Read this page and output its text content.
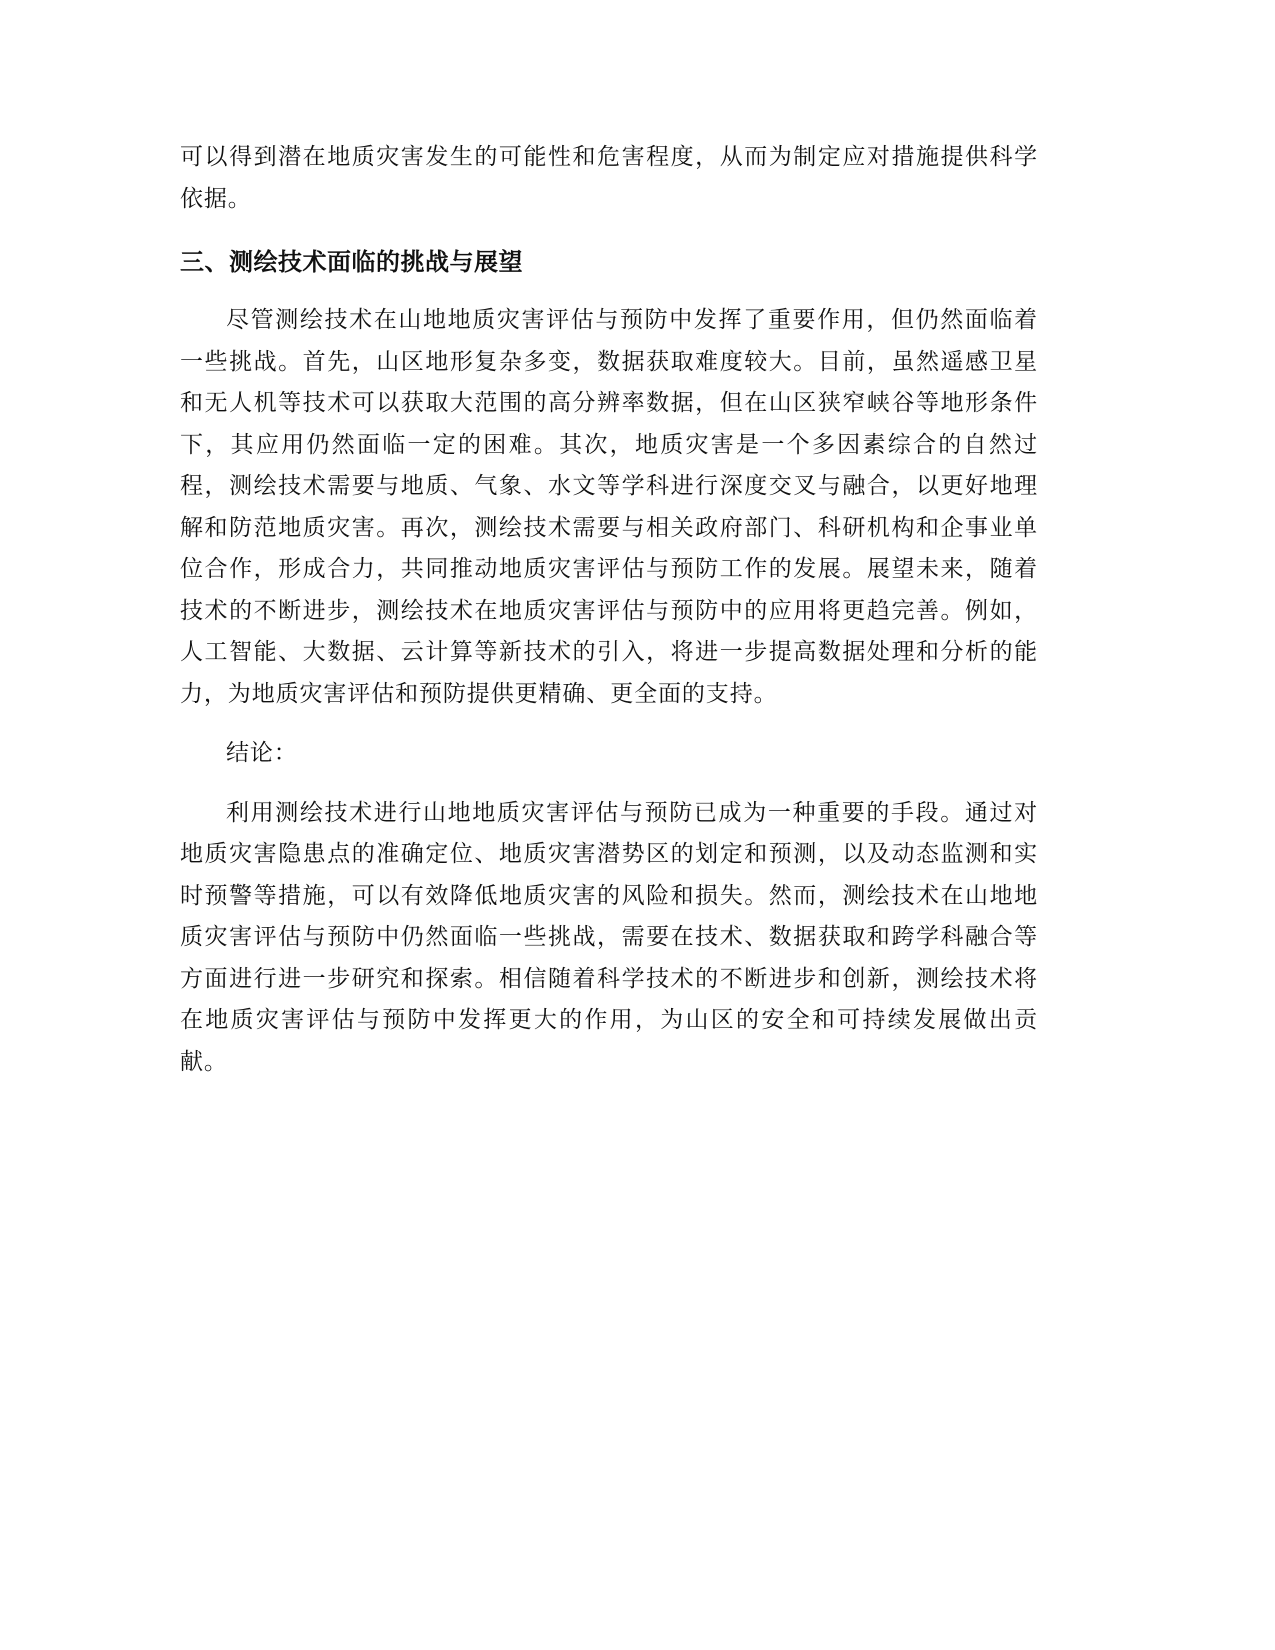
可以得到潜在地质灾害发生的可能性和危害程度，从而为制定应对措施提供科学依据。

三、测绘技术面临的挑战与展望

尽管测绘技术在山地地质灾害评估与预防中发挥了重要作用，但仍然面临着一些挑战。首先，山区地形复杂多变，数据获取难度较大。目前，虽然遥感卫星和无人机等技术可以获取大范围的高分辨率数据，但在山区狭窄峡谷等地形条件下，其应用仍然面临一定的困难。其次，地质灾害是一个多因素综合的自然过程，测绘技术需要与地质、气象、水文等学科进行深度交叉与融合，以更好地理解和防范地质灾害。再次，测绘技术需要与相关政府部门、科研机构和企事业单位合作，形成合力，共同推动地质灾害评估与预防工作的发展。展望未来，随着技术的不断进步，测绘技术在地质灾害评估与预防中的应用将更趋完善。例如，人工智能、大数据、云计算等新技术的引入，将进一步提高数据处理和分析的能力，为地质灾害评估和预防提供更精确、更全面的支持。

结论：

利用测绘技术进行山地地质灾害评估与预防已成为一种重要的手段。通过对地质灾害隐患点的准确定位、地质灾害潜势区的划定和预测，以及动态监测和实时预警等措施，可以有效降低地质灾害的风险和损失。然而，测绘技术在山地地质灾害评估与预防中仍然面临一些挑战，需要在技术、数据获取和跨学科融合等方面进行进一步研究和探索。相信随着科学技术的不断进步和创新，测绘技术将在地质灾害评估与预防中发挥更大的作用，为山区的安全和可持续发展做出贡献。
